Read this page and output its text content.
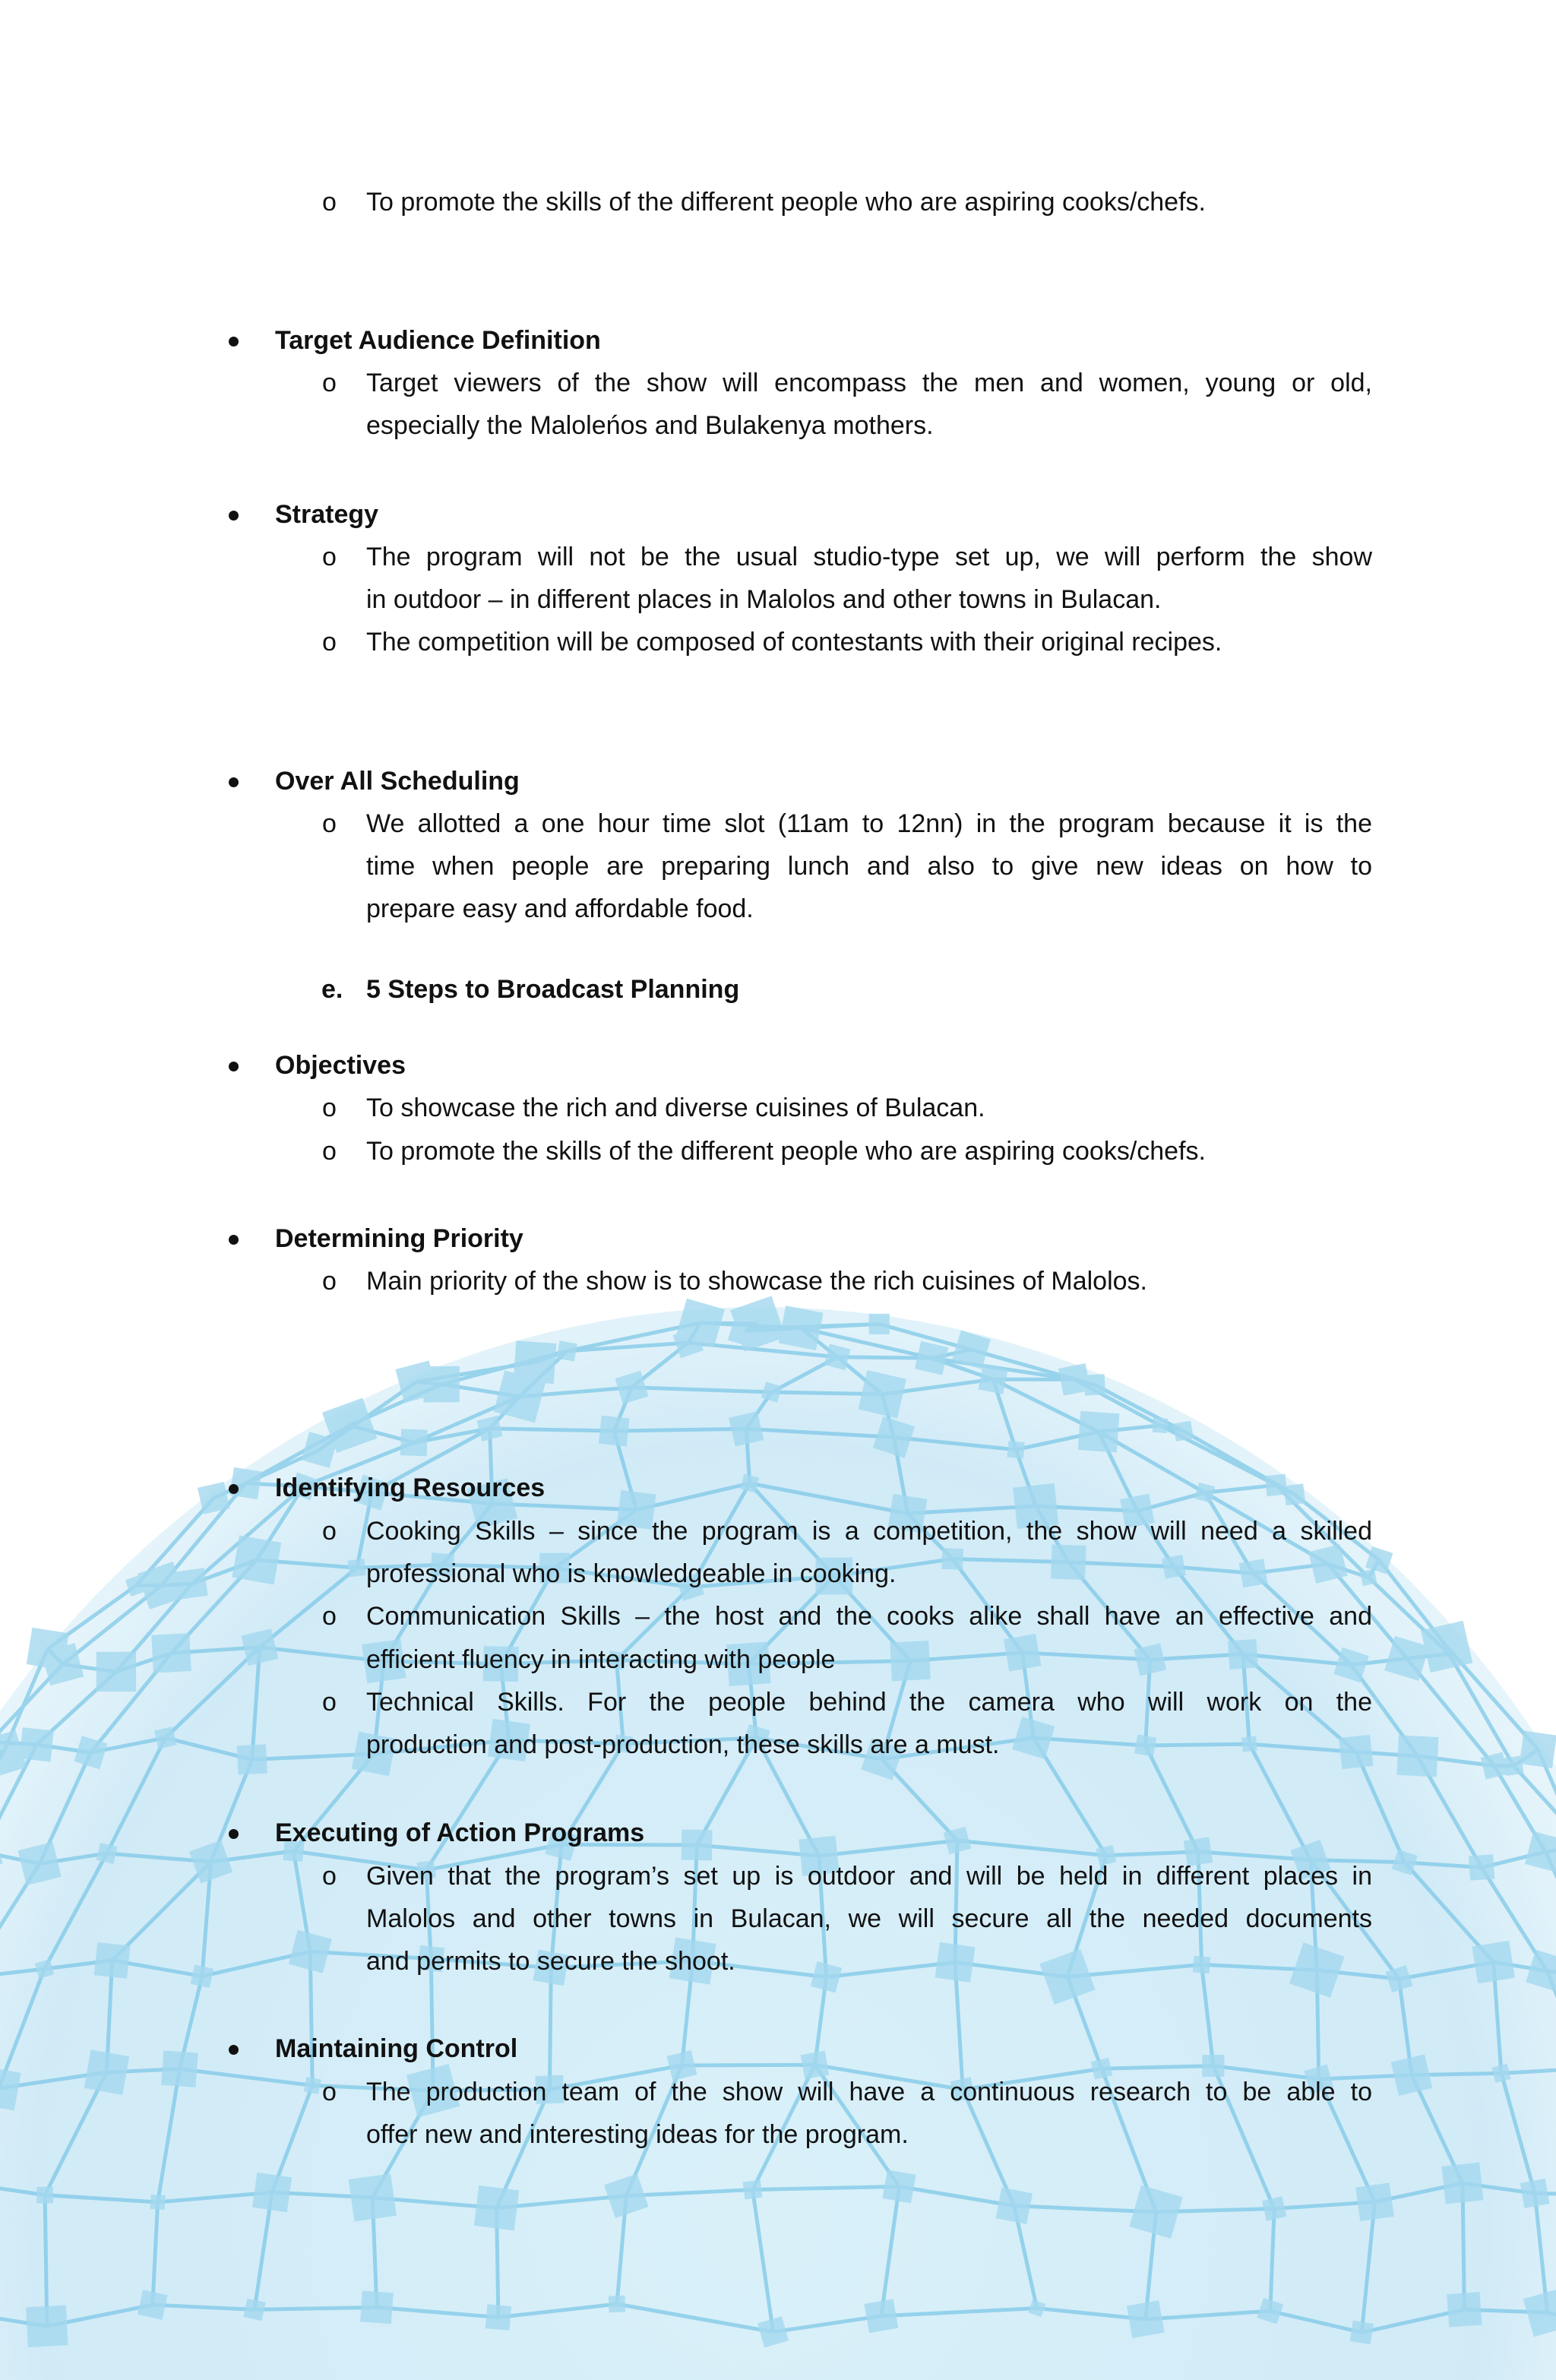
o To promote the skills of the different people who are aspiring cooks/chefs.
Target Audience Definition
o Target viewers of the show will encompass the men and women, young or old,
especially the Maloleńos and Bulakenya mothers.
Strategy
o The program will not be the usual studio-type set up, we will perform the show
in outdoor – in different places in Malolos and other towns in Bulacan.
o The competition will be composed of contestants with their original recipes.
Over All Scheduling
o We allotted a one hour time slot (11am to 12nn) in the program because it is the
time when people are preparing lunch and also to give new ideas on how to
prepare easy and affordable food.
e. 5 Steps to Broadcast Planning
Objectives
o To showcase the rich and diverse cuisines of Bulacan.
o To promote the skills of the different people who are aspiring cooks/chefs.
Determining Priority
o Main priority of the show is to showcase the rich cuisines of Malolos.
Identifying Resources
o Cooking Skills – since the program is a competition, the show will need a skilled
professional who is knowledgeable in cooking.
o Communication Skills – the host and the cooks alike shall have an effective and
efficient fluency in interacting with people
o Technical Skills. For the people behind the camera who will work on the
production and post-production, these skills are a must.
Executing of Action Programs
o Given that the program’s set up is outdoor and will be held in different places in
Malolos and other towns in Bulacan, we will secure all the needed documents
and permits to secure the shoot.
Maintaining Control
o The production team of the show will have a continuous research to be able to
offer new and interesting ideas for the program.
